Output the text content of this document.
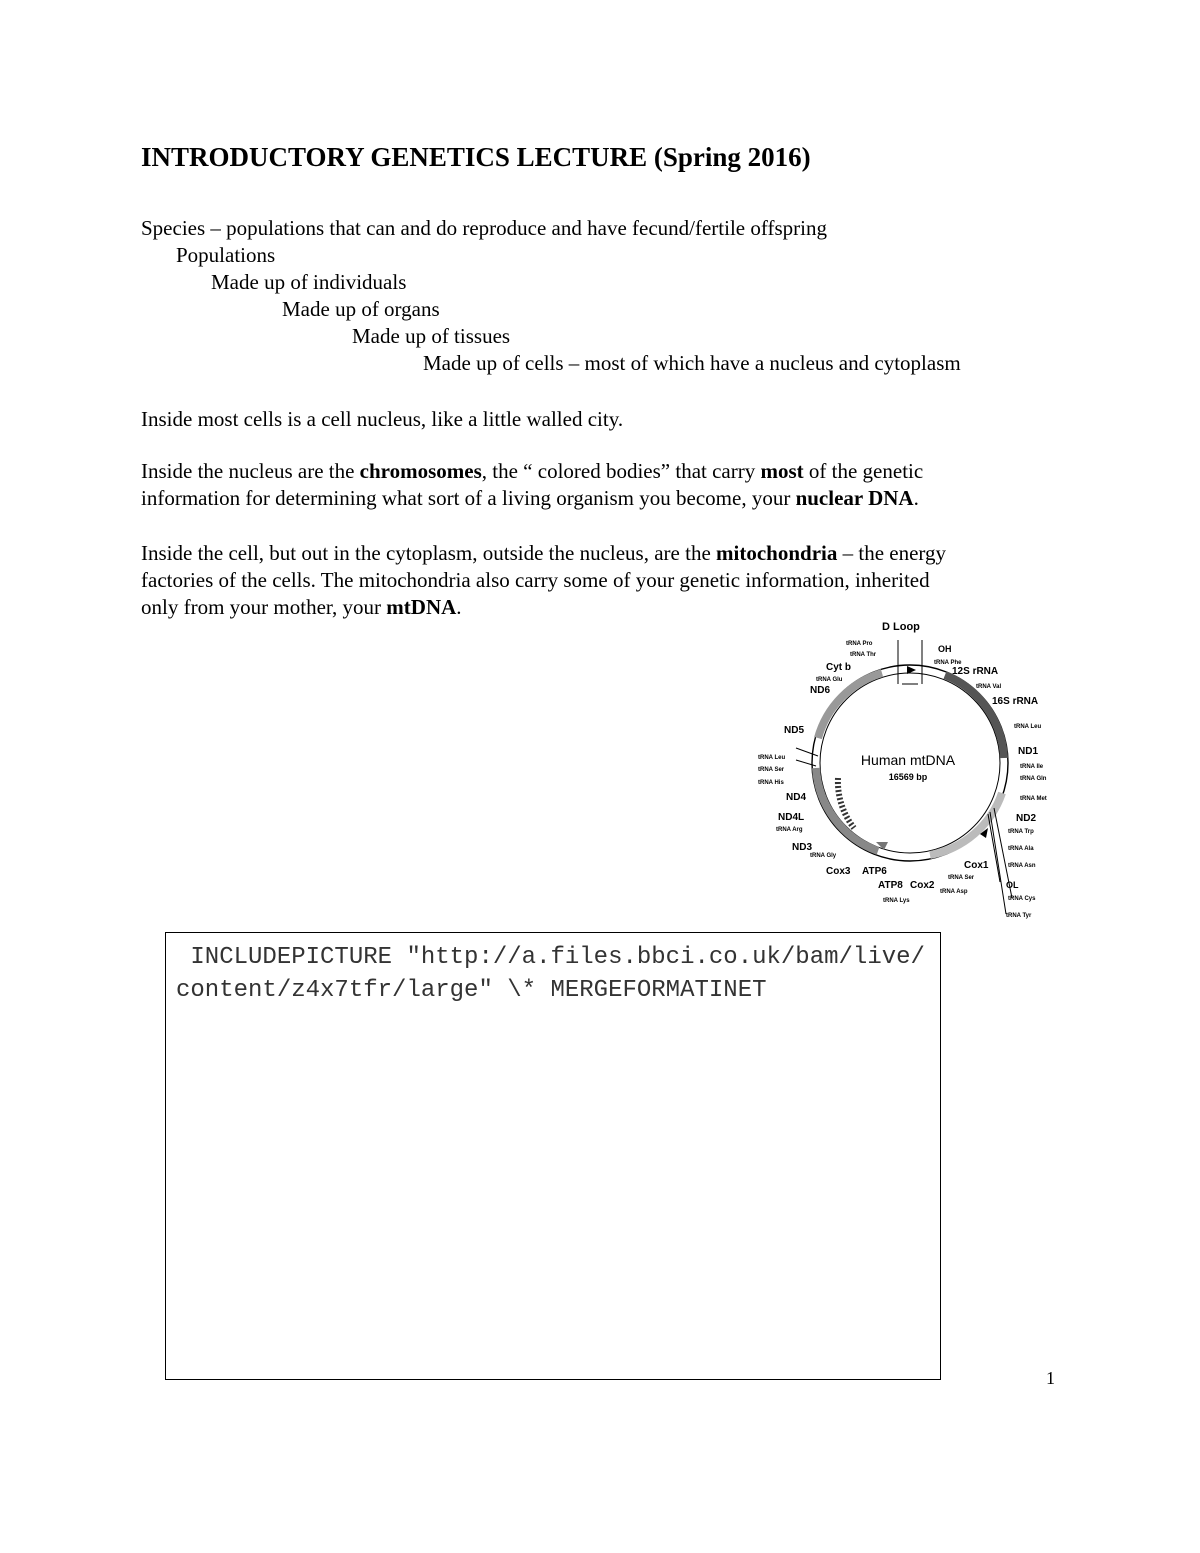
INTRODUCTORY GENETICS LECTURE (Spring 2016)
Species – populations that can and do reproduce and have fecund/fertile offspring
Populations
Made up of individuals
Made up of organs
Made up of tissues
Made up of cells – most of which have a nucleus and cytoplasm
Inside most cells is a cell nucleus, like a little walled city.
Inside the nucleus are the chromosomes, the “ colored bodies” that carry most of the genetic
information for determining what sort of a living organism you become, your nuclear DNA.
Inside the cell, but out in the cytoplasm, outside the nucleus, are the mitochondria – the energy
factories of the cells. The mitochondria also carry some of your genetic information, inherited
only from your mother, your mtDNA.
Human mtDNA
16569 bp
D Loop
OH
tRNA Pro
tRNA Thr
Cyt b
tRNA Glu
ND6
ND5
tRNA Leu
tRNA Ser
tRNA His
ND4
ND4L
tRNA Arg
ND3
tRNA Gly
Cox3 ATP6
ATP8
tRNA Lys
Cox2
tRNA Asp
tRNA Ser
Cox1
OL
tRNA Cys
tRNA Tyr
tRNA Asn
tRNA Ala
tRNA Trp
ND2
tRNA Met
tRNA Gln
tRNA Ile
ND1
tRNA Leu
16S rRNA
tRNA Val
12S rRNA
tRNA Phe
INCLUDEPICTURE "http://a.files.bbci.co.uk/bam/live/content/z4x7tfr/large" \* MERGEFORMATINET
1
